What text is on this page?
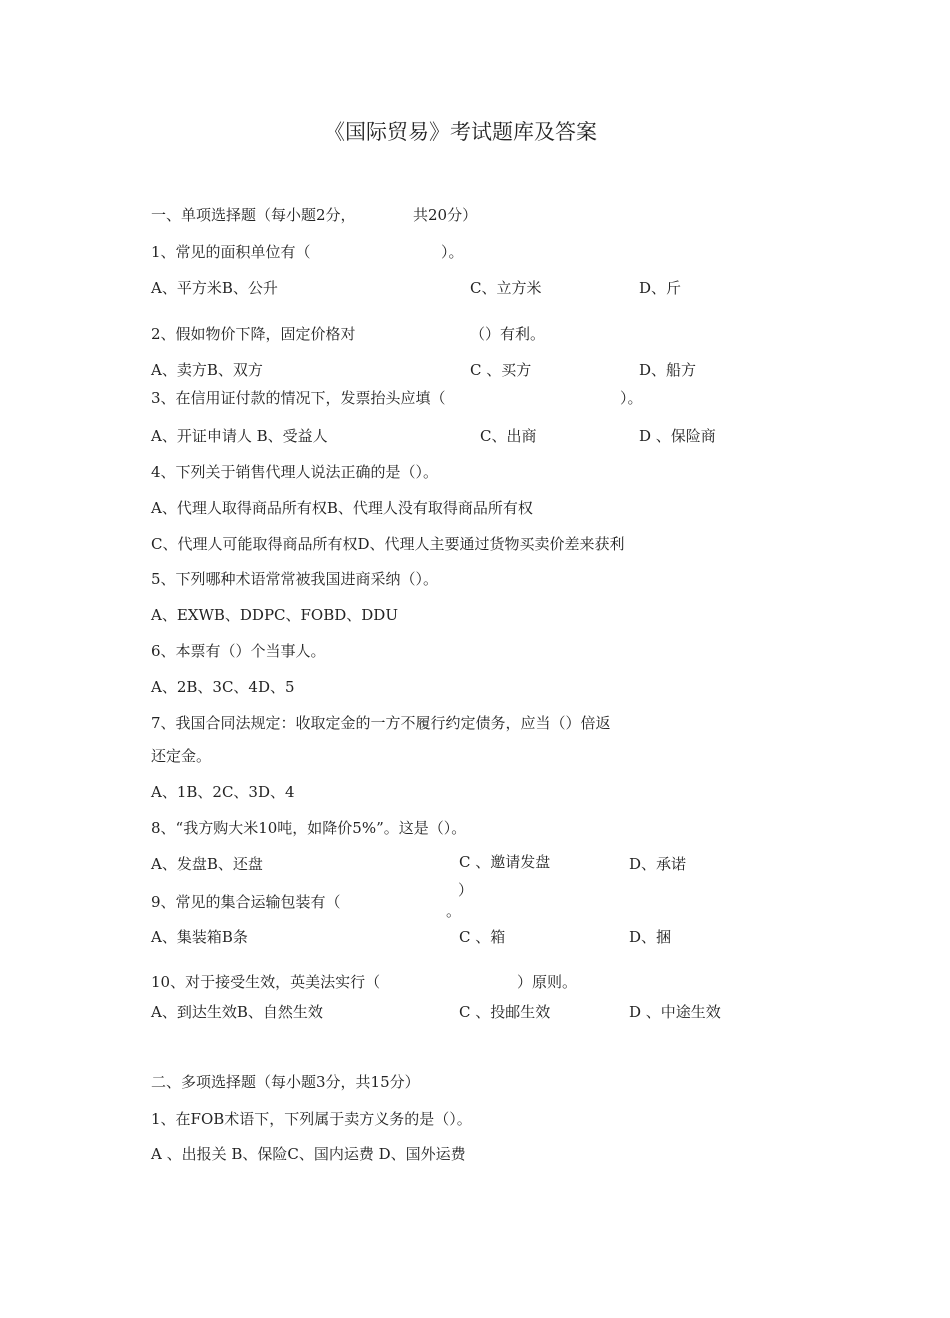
《国际贸易》考试题库及答案
一、单项选择题（每小题2分，	共20分）
1、常见的面积单位有（	）。
A、平方米B、公升	C、立方米	D、斤
2、假如物价下降，固定价格对	（）有利。
A、卖方B、双方	C 、买方	D、船方
3、在信用证付款的情况下，发票抬头应填（	）。
A、开证申请人 B、受益人	C、出商	D 、保险商
4、下列关于销售代理人说法正确的是（）。
A、代理人取得商品所有权B、代理人没有取得商品所有权
C、代理人可能取得商品所有权D、代理人主要通过货物买卖价差来获利
5、下列哪种术语常常被我国进商采纳（）。
A、EXWB、DDPC、FOBD、DDU
6、本票有（）个当事人。
A、2B、3C、4D、5
7、我国合同法规定：收取定金的一方不履行约定债务，应当（）倍返
还定金。
A、1B、2C、3D、4
8、“我方购大米10吨，如降价5%”。这是（）。
A、发盘B、还盘	C 、邀请发盘	D、承诺
9、常见的集合运输包装有（
）
。
A、集装箱B条	C 、箱	D、捆
10、对于接受生效，英美法实行（	）原则。
A、到达生效B、自然生效	C 、投邮生效	D 、中途生效
二、多项选择题（每小题3分，共15分）
1、在FOB术语下，下列属于卖方义务的是（）。
A 、出报关 B、保险C、国内运费 D、国外运费
